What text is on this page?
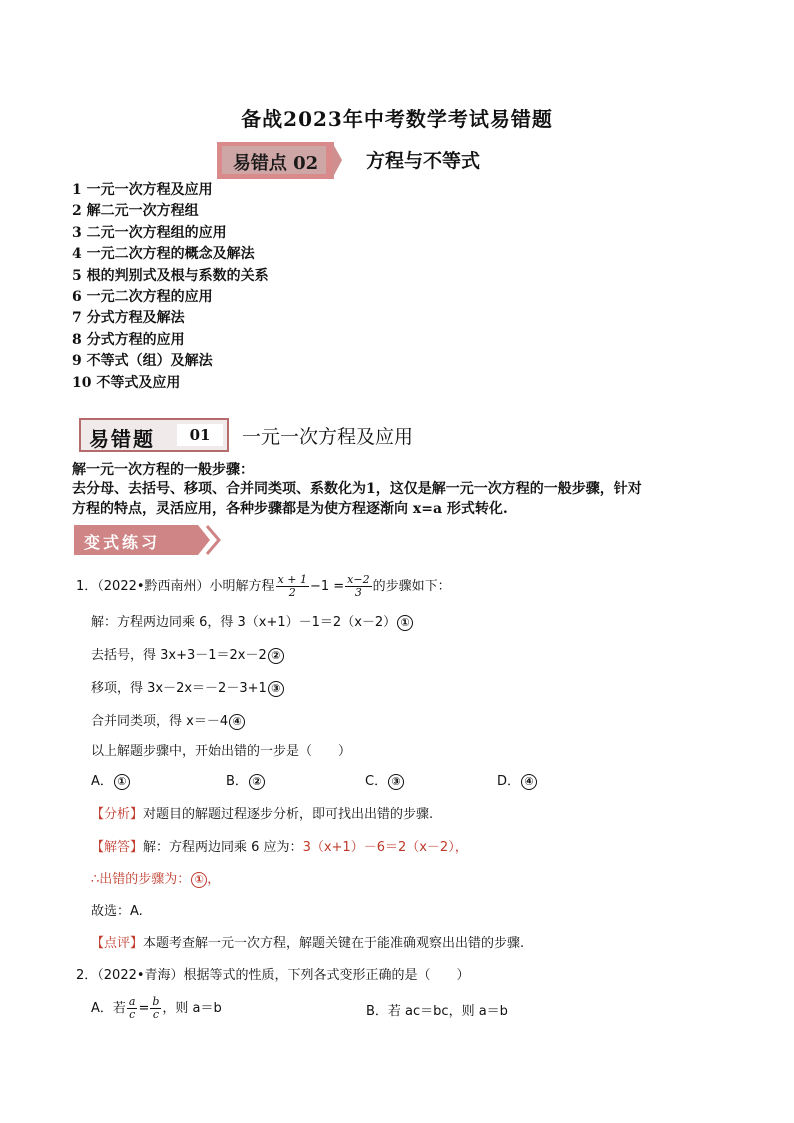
备战2023年中考数学考试易错题
易错点 02	方程与不等式
1 一元一次方程及应用
2 解二元一次方程组
3 二元一次方程组的应用
4 一元二次方程的概念及解法
5 根的判别式及根与系数的关系
6 一元二次方程的应用
7 分式方程及解法
8 分式方程的应用
9 不等式（组）及解法
10 不等式及应用
易错题	01	一元一次方程及应用
解一元一次方程的一般步骤：
去分母、去括号、移项、合并同类项、系数化为1，这仅是解一元一次方程的一般步骤，针对
方程的特点，灵活应用，各种步骤都是为使方程逐渐向 x=a 形式转化.
变式练习
1．（2022•黔西南州）小明解方程 $\frac{x + 1}{2} -1 = \frac{x-2}{3}$ 的步骤如下：
解：方程两边同乘 6，得 3（x+1）－1＝2（x－2） ①
去括号，得 3x+3－1＝2x－2 ②
移项，得 3x－2x＝－2－3+1 ③
合并同类项，得 x＝－4 ④
以上解题步骤中，开始出错的一步是（　　）
A． ①	B． ②	C． ③	D． ④
【分析】对题目的解题过程逐步分析，即可找出出错的步骤.
【解答】解：方程两边同乘 6 应为：3（x+1）－6＝2（x－2），
∴出错的步骤为： ① ，
故选：A.
【点评】本题考查解一元一次方程，解题关键在于能准确观察出出错的步骤.
2．（2022•青海）根据等式的性质，下列各式变形正确的是（　　）
A．若 $\frac{a}{c} = \frac{b}{c}$ ，则 a＝b	B．若 ac＝bc，则 a＝b
